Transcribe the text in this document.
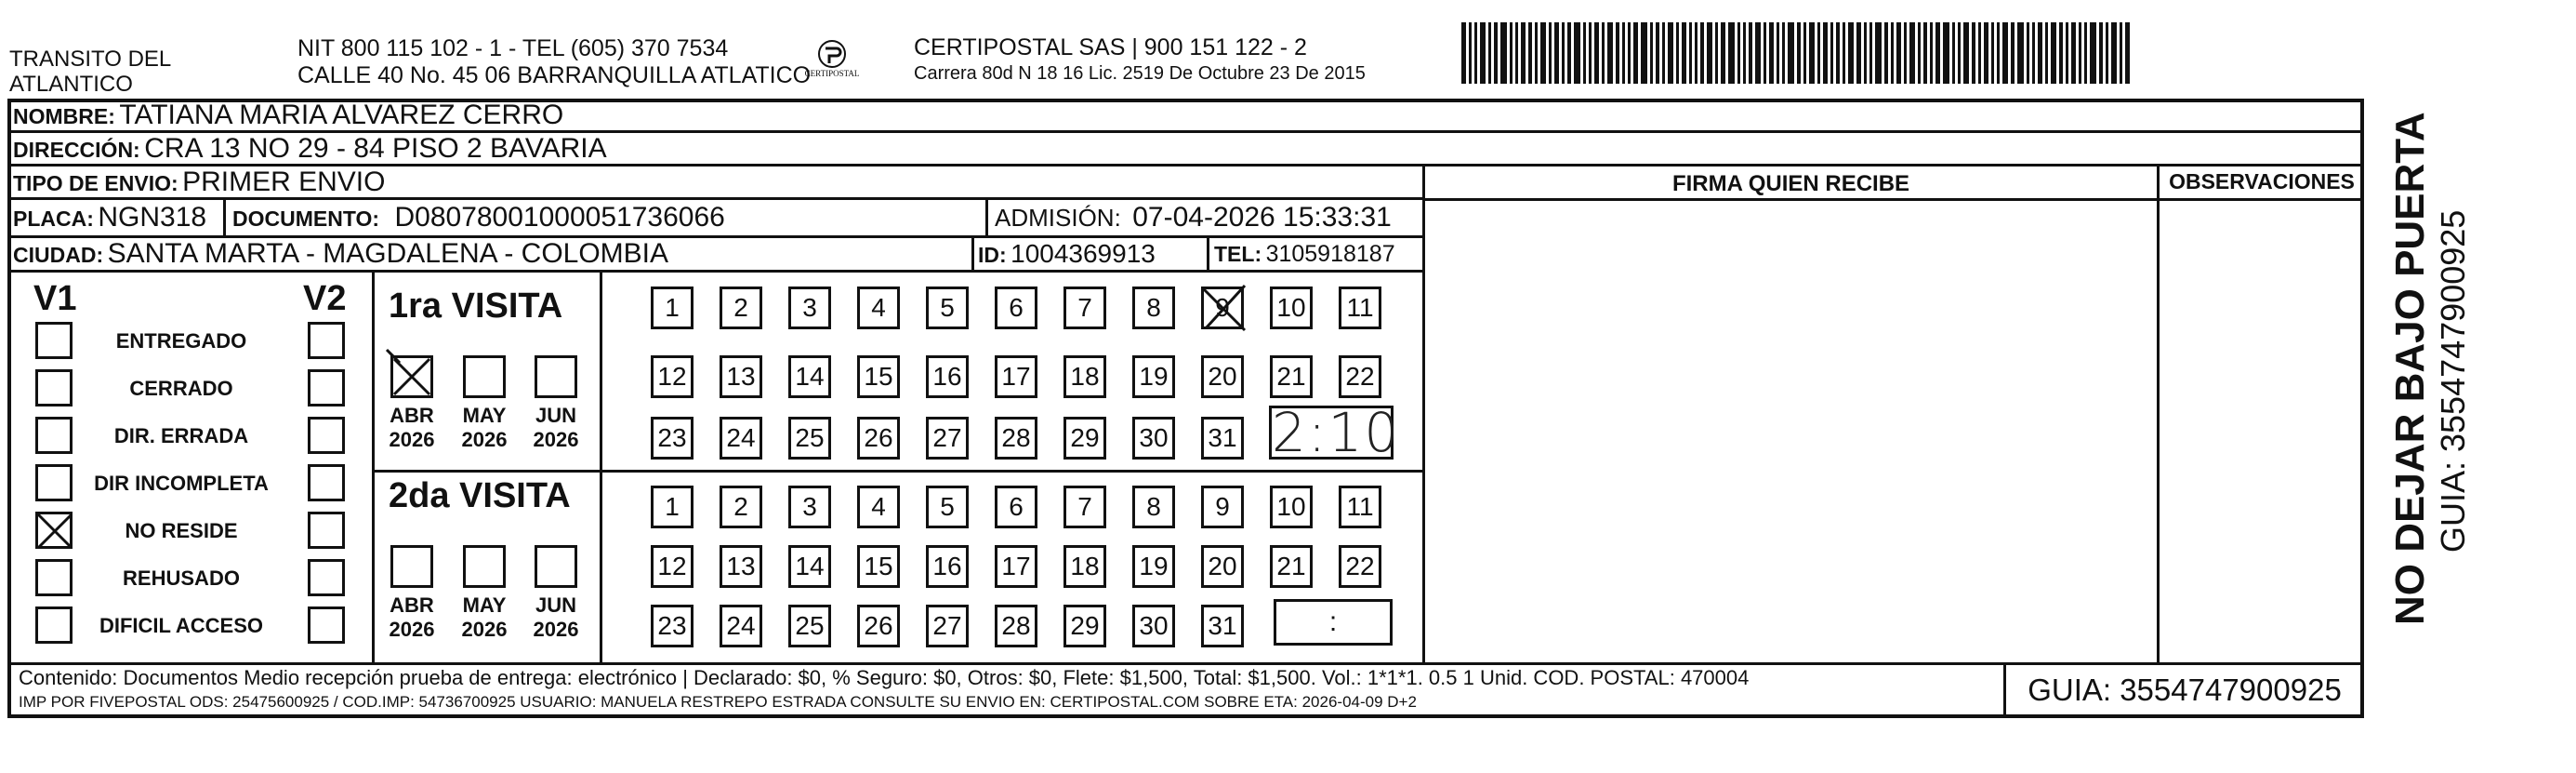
TRANSITO DEL
ATLANTICO
NIT 800 115 102 - 1 - TEL (605) 370 7534
CALLE 40 No. 45 06 BARRANQUILLA ATLATICO
CERTIPOSTAL
CERTIPOSTAL SAS | 900 151 122 - 2
Carrera 80d N 18 16 Lic. 2519 De Octubre 23 De 2015
NOMBRE: TATIANA MARIA ALVAREZ CERRO
DIRECCIÓN: CRA 13 NO 29 - 84 PISO 2 BAVARIA
TIPO DE ENVIO: PRIMER ENVIO	FIRMA QUIEN RECIBE	OBSERVACIONES
PLACA: NGN318 DOCUMENTO: D080780010000517360​66	ADMISIÓN: 07-04-2026 15:33:31
CIUDAD: SANTA MARTA - MAGDALENA - COLOMBIA	ID: 1004369913	TEL: 3105918187
V1	V2
ENTREGADO
CERRADO
DIR. ERRADA
DIR INCOMPLETA
NO RESIDE
REHUSADO
DIFICIL ACCESO
1ra VISITA
ABR
2026
MAY
2026
JUN
2026
1 2 3 4 5 6 7 8 9 10 11
12 13 14 15 16 17 18 19 20 21 22
23 24 25 26 27 28 29 30 31 2:10
2da VISITA
ABR
2026
MAY
2026
JUN
2026
1 2 3 4 5 6 7 8 9 10 11
12 13 14 15 16 17 18 19 20 21 22
23 24 25 26 27 28 29 30 31	:
Contenido: Documentos Medio recepción prueba de entrega: electrónico | Declarado: $0, % Seguro: $0, Otros: $0, Flete: $1,500, Total: $1,500. Vol.: 1*1*1. 0.5 1 Unid. COD. POSTAL: 470004
IMP POR FIVEPOSTAL ODS: 25475600925 / COD.IMP: 54736700925 USUARIO: MANUELA RESTREPO ESTRADA CONSULTE SU ENVIO EN: CERTIPOSTAL.COM SOBRE ETA: 2026-04-09 D+2	GUIA: 3554747900925
NO DEJAR BAJO PUERTA GUIA: 3554747900925
